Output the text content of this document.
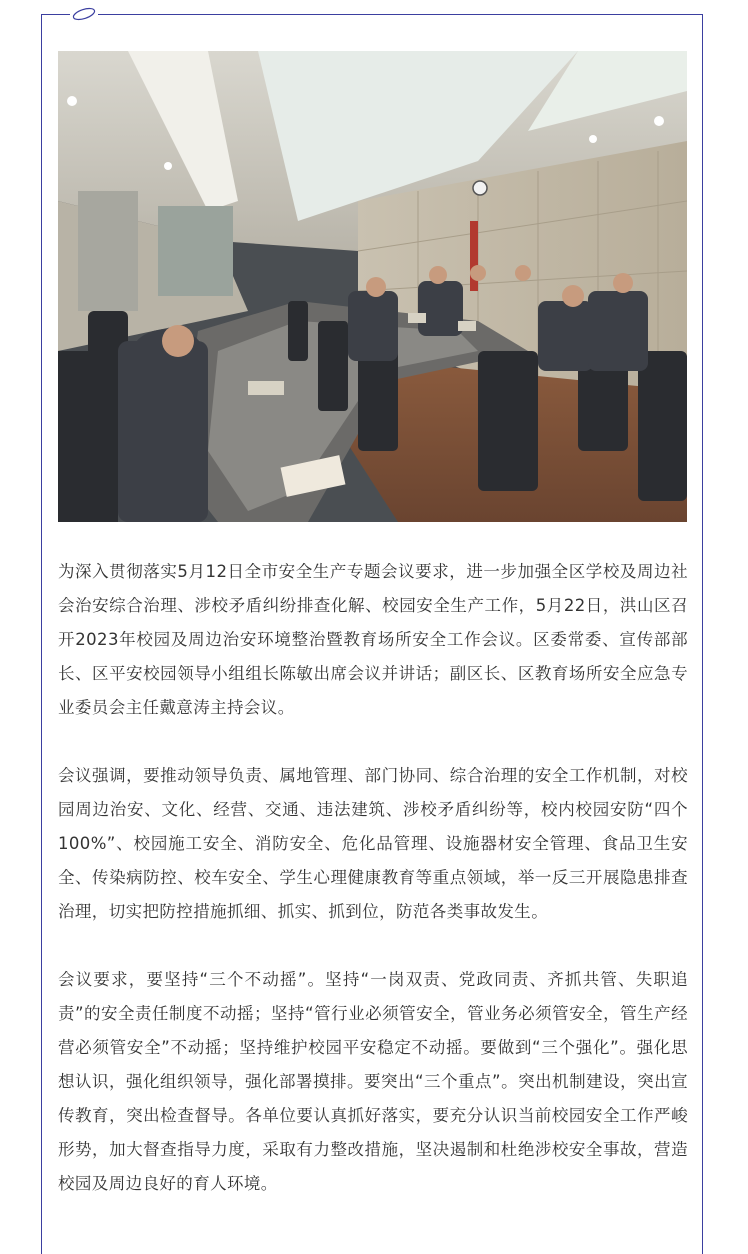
为深入贯彻落实5月12日全市安全生产专题会议要求，进一步加强全区学校及周边社会治安综合治理、涉校矛盾纠纷排查化解、校园安全生产工作，5月22日，洪山区召开2023年校园及周边治安环境整治暨教育场所安全工作会议。区委常委、宣传部部长、区平安校园领导小组组长陈敏出席会议并讲话；副区长、区教育场所安全应急专业委员会主任戴意涛主持会议。

会议强调，要推动领导负责、属地管理、部门协同、综合治理的安全工作机制，对校园周边治安、文化、经营、交通、违法建筑、涉校矛盾纠纷等，校内校园安防“四个100%”、校园施工安全、消防安全、危化品管理、设施器材安全管理、食品卫生安全、传染病防控、校车安全、学生心理健康教育等重点领域，举一反三开展隐患排查治理，切实把防控措施抓细、抓实、抓到位，防范各类事故发生。

会议要求，要坚持“三个不动摇”。坚持“一岗双责、党政同责、齐抓共管、失职追责”的安全责任制度不动摇；坚持“管行业必须管安全，管业务必须管安全，管生产经营必须管安全”不动摇；坚持维护校园平安稳定不动摇。要做到“三个强化”。强化思想认识，强化组织领导，强化部署摸排。要突出“三个重点”。突出机制建设，突出宣传教育，突出检查督导。各单位要认真抓好落实，要充分认识当前校园安全工作严峻形势，加大督查指导力度，采取有力整改措施，坚决遏制和杜绝涉校安全事故，营造校园及周边良好的育人环境。
